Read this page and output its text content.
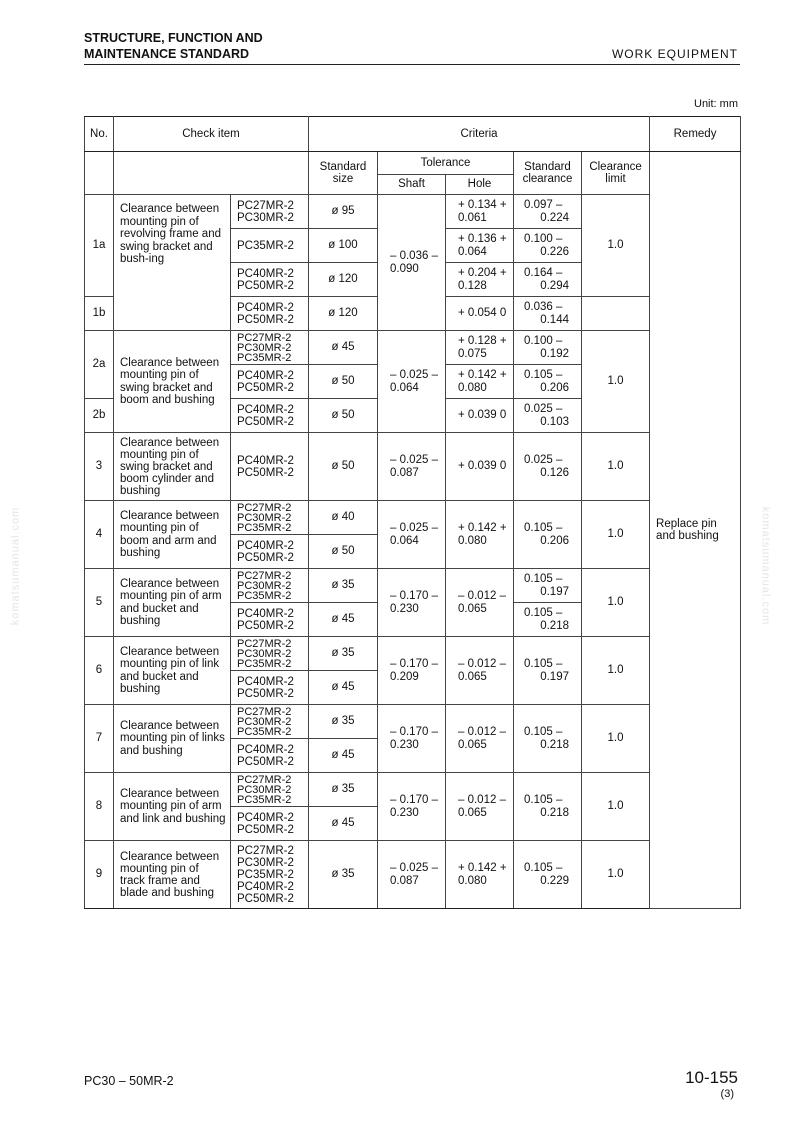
STRUCTURE, FUNCTION AND
MAINTENANCE STANDARD	WORK EQUIPMENT
Unit: mm
komatsumanual.com	komatsumanual.com
No.	Check item		Criteria					Remedy
			Standard size	Tolerance		Standard clearance	Clearance limit	Replace pin and bushing
				Shaft	Hole			
1a	Clearance between mounting pin of revolving frame and swing bracket and bush-ing	PC27MR-2 PC30MR-2	ø 95	– 0.036 – 0.090	+ 0.134 + 0.061	0.097 –
0.224	1.0	
		PC35MR-2	ø 100		+ 0.136 + 0.064	0.100 –
0.226		

		PC40MR-2 PC50MR-2	ø 120		+ 0.204 + 0.128	0.164 –
0.294		

1b		PC40MR-2 PC50MR-2	ø 120		+ 0.054 0	0.036 –
0.144		

2a	Clearance between mounting pin of swing bracket and boom and bushing	PC27MR-2 PC30MR-2 PC35MR-2	ø 45	– 0.025 – 0.064	+ 0.128 + 0.075	0.100 –
0.192	1.0	
		PC40MR-2 PC50MR-2	ø 50		+ 0.142 + 0.080	0.105 –
0.206		

2b		PC40MR-2 PC50MR-2	ø 50		+ 0.039 0	0.025 –
0.103		

3	Clearance between mounting pin of swing bracket and boom cylinder and bushing	PC40MR-2 PC50MR-2	ø 50	– 0.025 – 0.087	+ 0.039 0	0.025 –
0.126	1.0	
4	Clearance between mounting pin of boom and arm and bushing	PC27MR-2 PC30MR-2 PC35MR-2	ø 40	– 0.025 – 0.064	+ 0.142 + 0.080	0.105 –
0.206	1.0	
		PC40MR-2 PC50MR-2	ø 50					
5	Clearance between mounting pin of arm and bucket and bushing	PC27MR-2 PC30MR-2 PC35MR-2	ø 35	– 0.170 – 0.230	– 0.012 – 0.065	0.105 –
0.197	1.0	
		PC40MR-2 PC50MR-2	ø 45			0.105 –
0.218		

6	Clearance between mounting pin of link and bucket and bushing	PC27MR-2 PC30MR-2 PC35MR-2	ø 35	– 0.170 – 0.209	– 0.012 – 0.065	0.105 –
0.197	1.0	
		PC40MR-2 PC50MR-2	ø 45					
7	Clearance between mounting pin of links and bushing	PC27MR-2 PC30MR-2 PC35MR-2	ø 35	– 0.170 – 0.230	– 0.012 – 0.065	0.105 –
0.218	1.0	
		PC40MR-2 PC50MR-2	ø 45					
8	Clearance between mounting pin of arm and link and bushing	PC27MR-2 PC30MR-2 PC35MR-2	ø 35	– 0.170 – 0.230	– 0.012 – 0.065	0.105 –
0.218	1.0	
		PC40MR-2 PC50MR-2	ø 45					
9	Clearance between mounting pin of track frame and blade and bushing	PC27MR-2 PC30MR-2 PC35MR-2 PC40MR-2 PC50MR-2	ø 35	– 0.025 – 0.087	+ 0.142 + 0.080	0.105 –
0.229	1.0	
PC30 – 50MR-2	10-155
(3)
